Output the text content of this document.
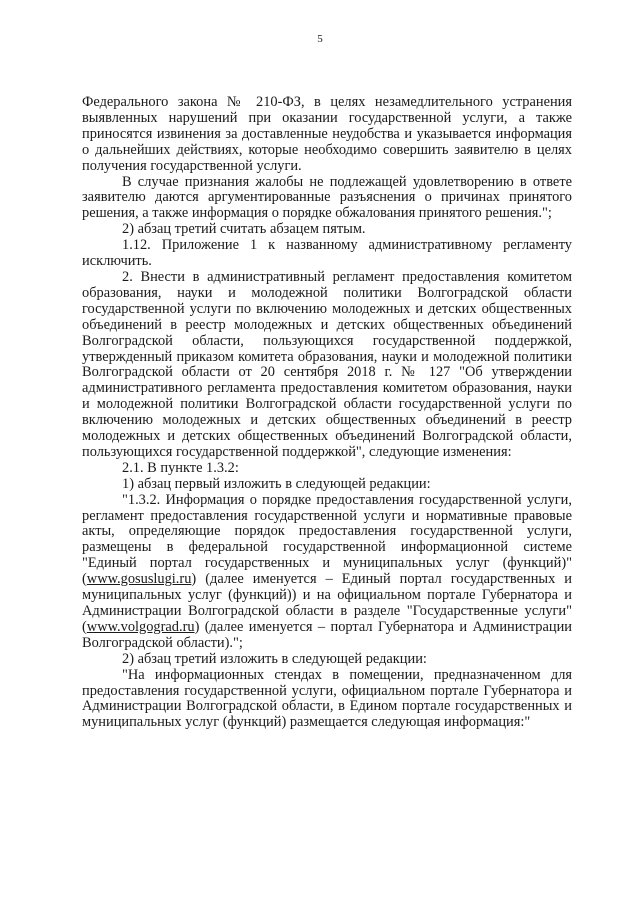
5

Федерального закона № 210-ФЗ, в целях незамедлительного устранения выявленных нарушений при оказании государственной услуги, а также приносятся извинения за доставленные неудобства и указывается информация о дальнейших действиях, которые необходимо совершить заявителю в целях получения государственной услуги.

В случае признания жалобы не подлежащей удовлетворению в ответе заявителю даются аргументированные разъяснения о причинах принятого решения, а также информация о порядке обжалования принятого решения.";

2) абзац третий считать абзацем пятым.

1.12. Приложение 1 к названному административному регламенту исключить.

2. Внести в административный регламент предоставления комитетом образования, науки и молодежной политики Волгоградской области государственной услуги по включению молодежных и детских общественных объединений в реестр молодежных и детских общественных объединений Волгоградской области, пользующихся государственной поддержкой, утвержденный приказом комитета образования, науки и молодежной политики Волгоградской области от 20 сентября 2018 г. № 127 "Об утверждении административного регламента предоставления комитетом образования, науки и молодежной политики Волгоградской области государственной услуги по включению молодежных и детских общественных объединений в реестр молодежных и детских общественных объединений Волгоградской области, пользующихся государственной поддержкой", следующие изменения:

2.1. В пункте 1.3.2:

1) абзац первый изложить в следующей редакции:

"1.3.2. Информация о порядке предоставления государственной услуги, регламент предоставления государственной услуги и нормативные правовые акты, определяющие порядок предоставления государственной услуги, размещены в федеральной государственной информационной системе "Единый портал государственных и муниципальных услуг (функций)" (www.gosuslugi.ru) (далее именуется – Единый портал государственных и муниципальных услуг (функций)) и на официальном портале Губернатора и Администрации Волгоградской области в разделе "Государственные услуги" (www.volgograd.ru) (далее именуется – портал Губернатора и Администрации Волгоградской области).";

2) абзац третий изложить в следующей редакции:

"На информационных стендах в помещении, предназначенном для предоставления государственной услуги, официальном портале Губернатора и Администрации Волгоградской области, в Едином портале государственных и муниципальных услуг (функций) размещается следующая информация:"
